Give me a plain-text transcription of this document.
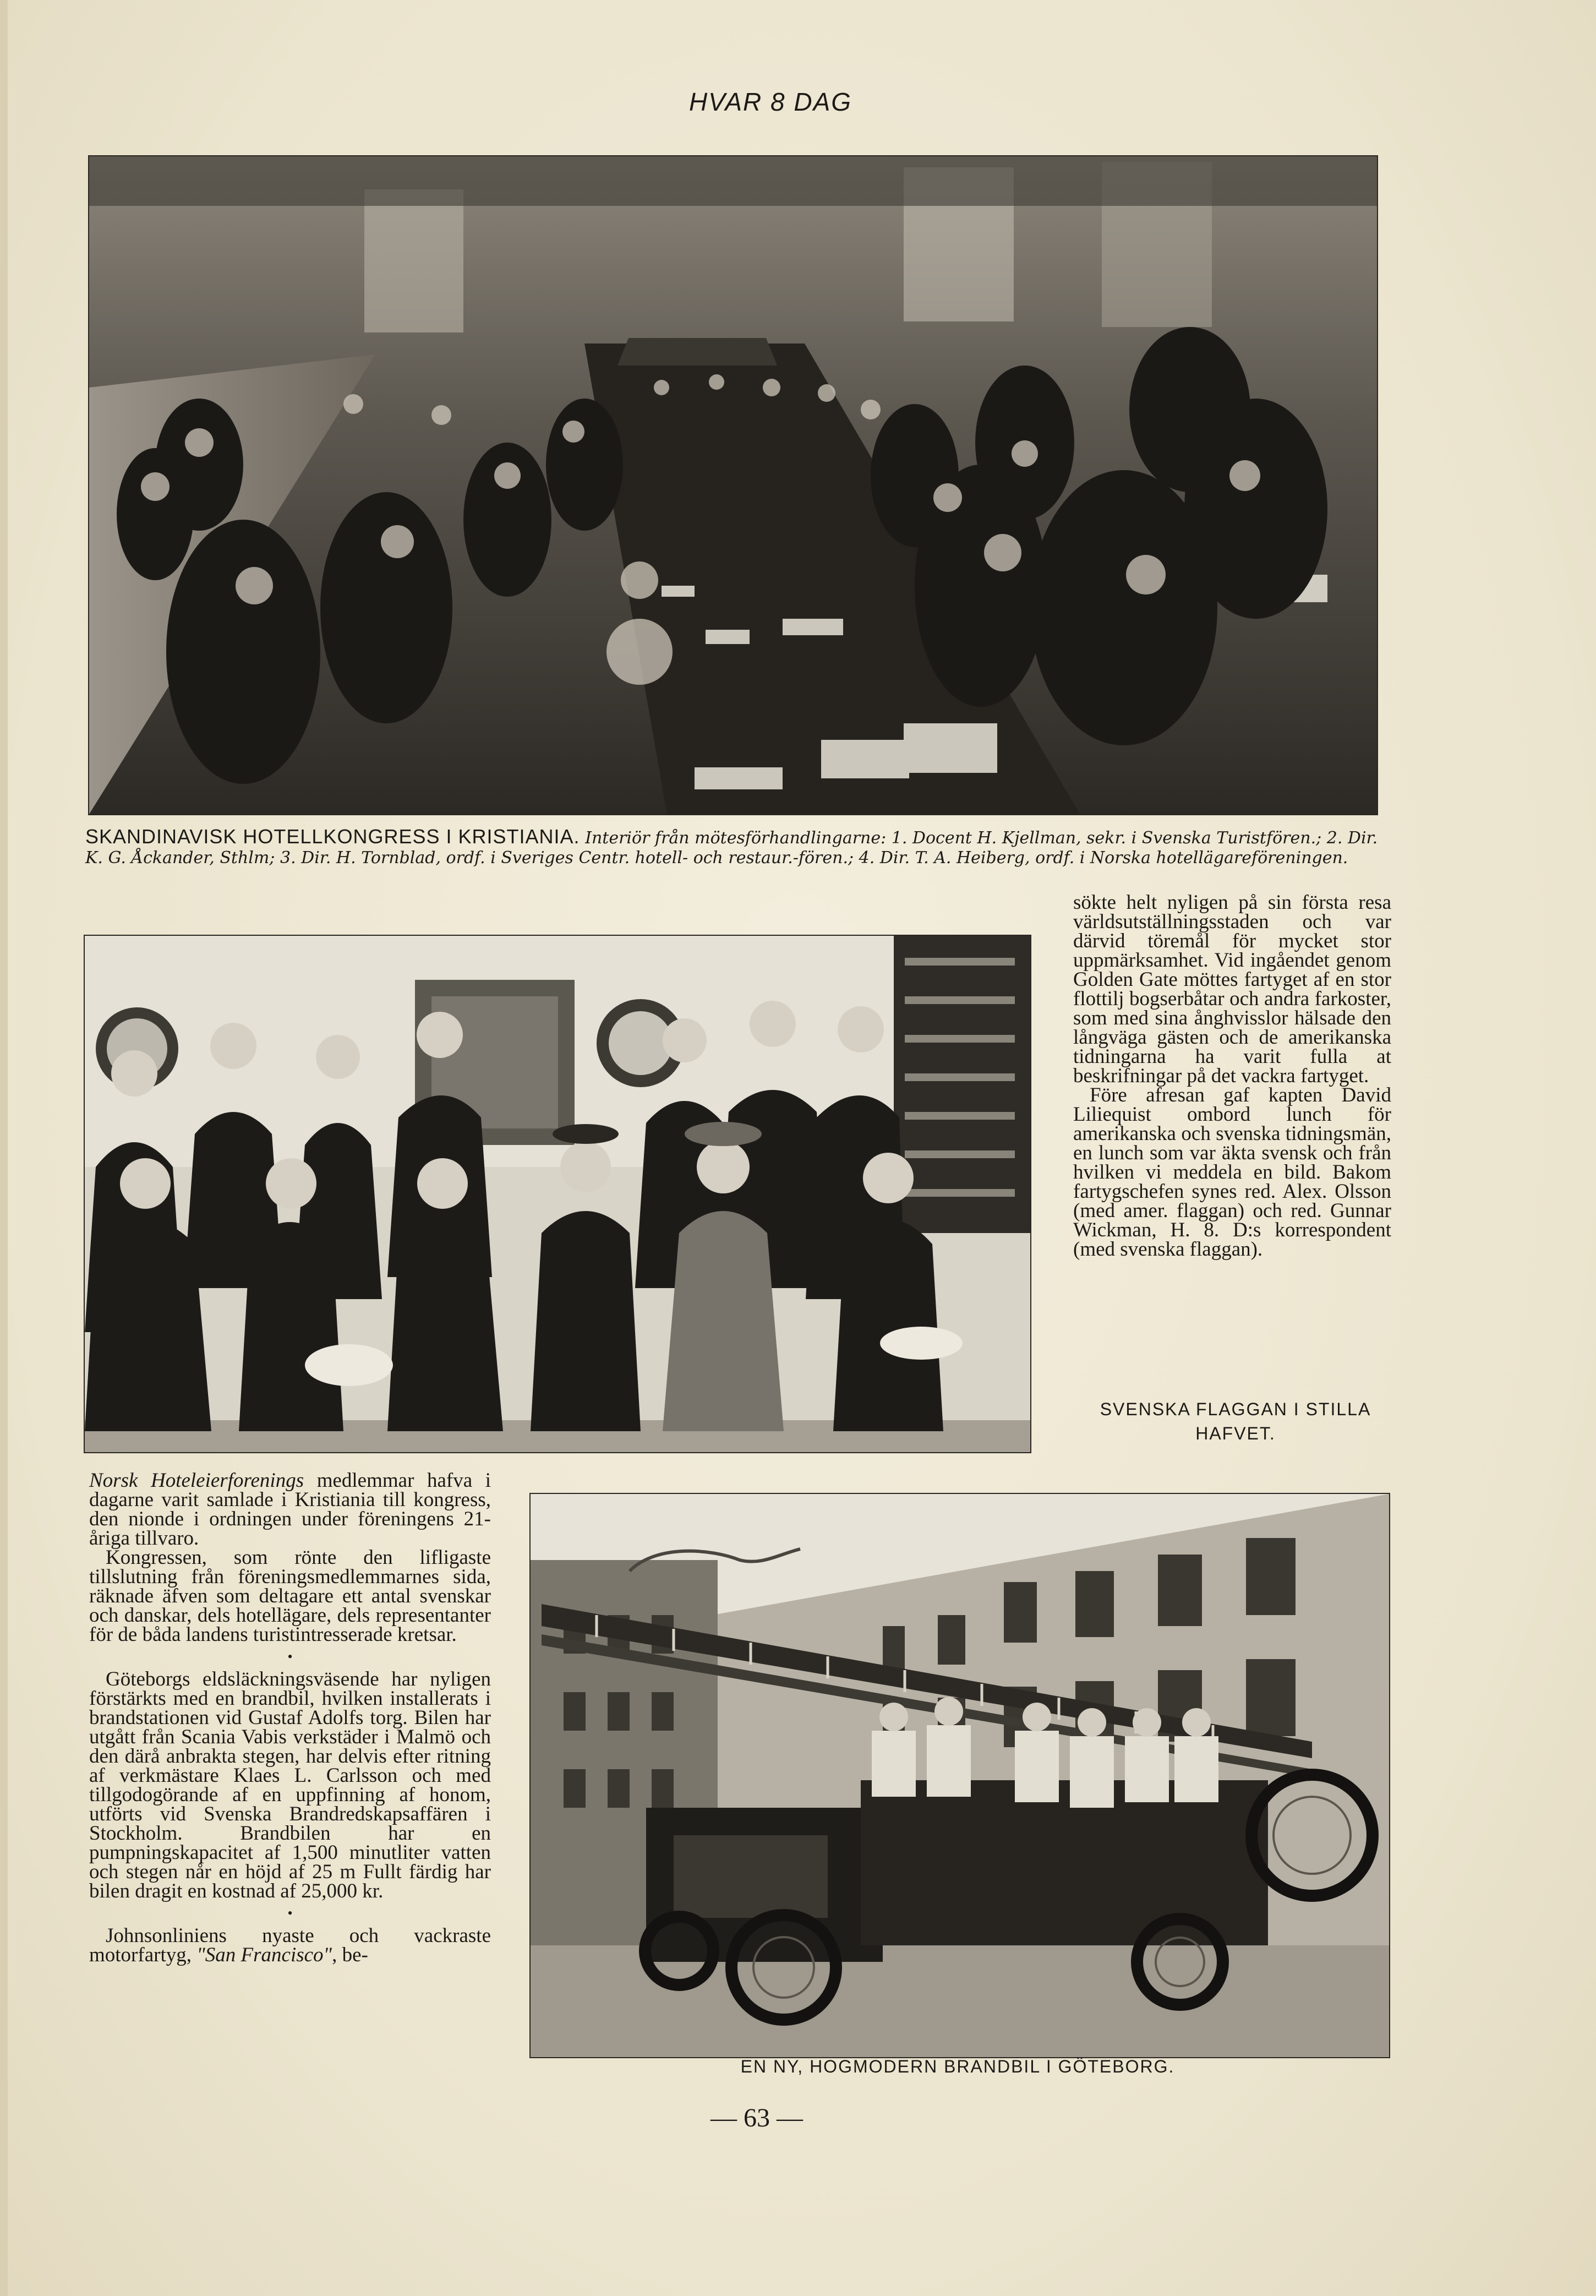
HVAR 8 DAG
SKANDINAVISK HOTELLKONGRESS I KRISTIANIA. Interiör från mötesförhandlingarne: 1. Docent H. Kjellman, sekr. i Svenska Turistfören.; 2. Dir. K. G. Åckander, Sthlm; 3. Dir. H. Tornblad, ordf. i Sveriges Centr. hotell- och restaur.-fören.; 4. Dir. T. A. Heiberg, ordf. i Norska hotellägareföreningen.

sökte helt nyligen på sin första resa världsutställningsstaden och var därvid töremål för mycket stor uppmärksamhet. Vid ingåendet genom Golden Gate möttes fartyget af en stor flottilj bogserbåtar och andra farkoster, som med sina ånghvisslor hälsade den långväga gästen och de amerikanska tidningarna ha varit fulla at beskrifningar på det vackra fartyget.

Före afresan gaf kapten David Liliequist ombord lunch för amerikanska och svenska tidningsmän, en lunch som var äkta svensk och från hvilken vi meddela en bild. Bakom fartygschefen synes red. Alex. Olsson (med amer. flaggan) och red. Gunnar Wickman, H. 8. D:s korrespondent (med svenska flaggan).

SVENSKA FLAGGAN I STILLA HAFVET.

Norsk Hoteleierforenings medlemmar hafva i dagarne varit samlade i Kristiania till kongress, den nionde i ordningen under föreningens 21-åriga tillvaro.

Kongressen, som rönte den lifligaste tillslutning från föreningsmedlemmarnes sida, räknade äfven som deltagare ett antal svenskar och danskar, dels hotellägare, dels representanter för de båda landens turistintresserade kretsar.

•

Göteborgs eldsläckningsväsende har nyligen förstärkts med en brandbil, hvilken installerats i brandstationen vid Gustaf Adolfs torg. Bilen har utgått från Scania Vabis verkstäder i Malmö och den därå anbrakta stegen, har delvis efter ritning af verkmästare Klaes L. Carlsson och med tillgodogörande af en uppfinning af honom, utförts vid Svenska Brandredskapsaffären i Stockholm. Brandbilen har en pumpningskapacitet af 1,500 minutliter vatten och stegen når en höjd af 25 m Fullt färdig har bilen dragit en kostnad af 25,000 kr.

•

Johnsonliniens nyaste och vackraste motorfartyg, "San Francisco", be-

EN NY, HOGMODERN BRANDBIL I GÖTEBORG.
— 63 —
